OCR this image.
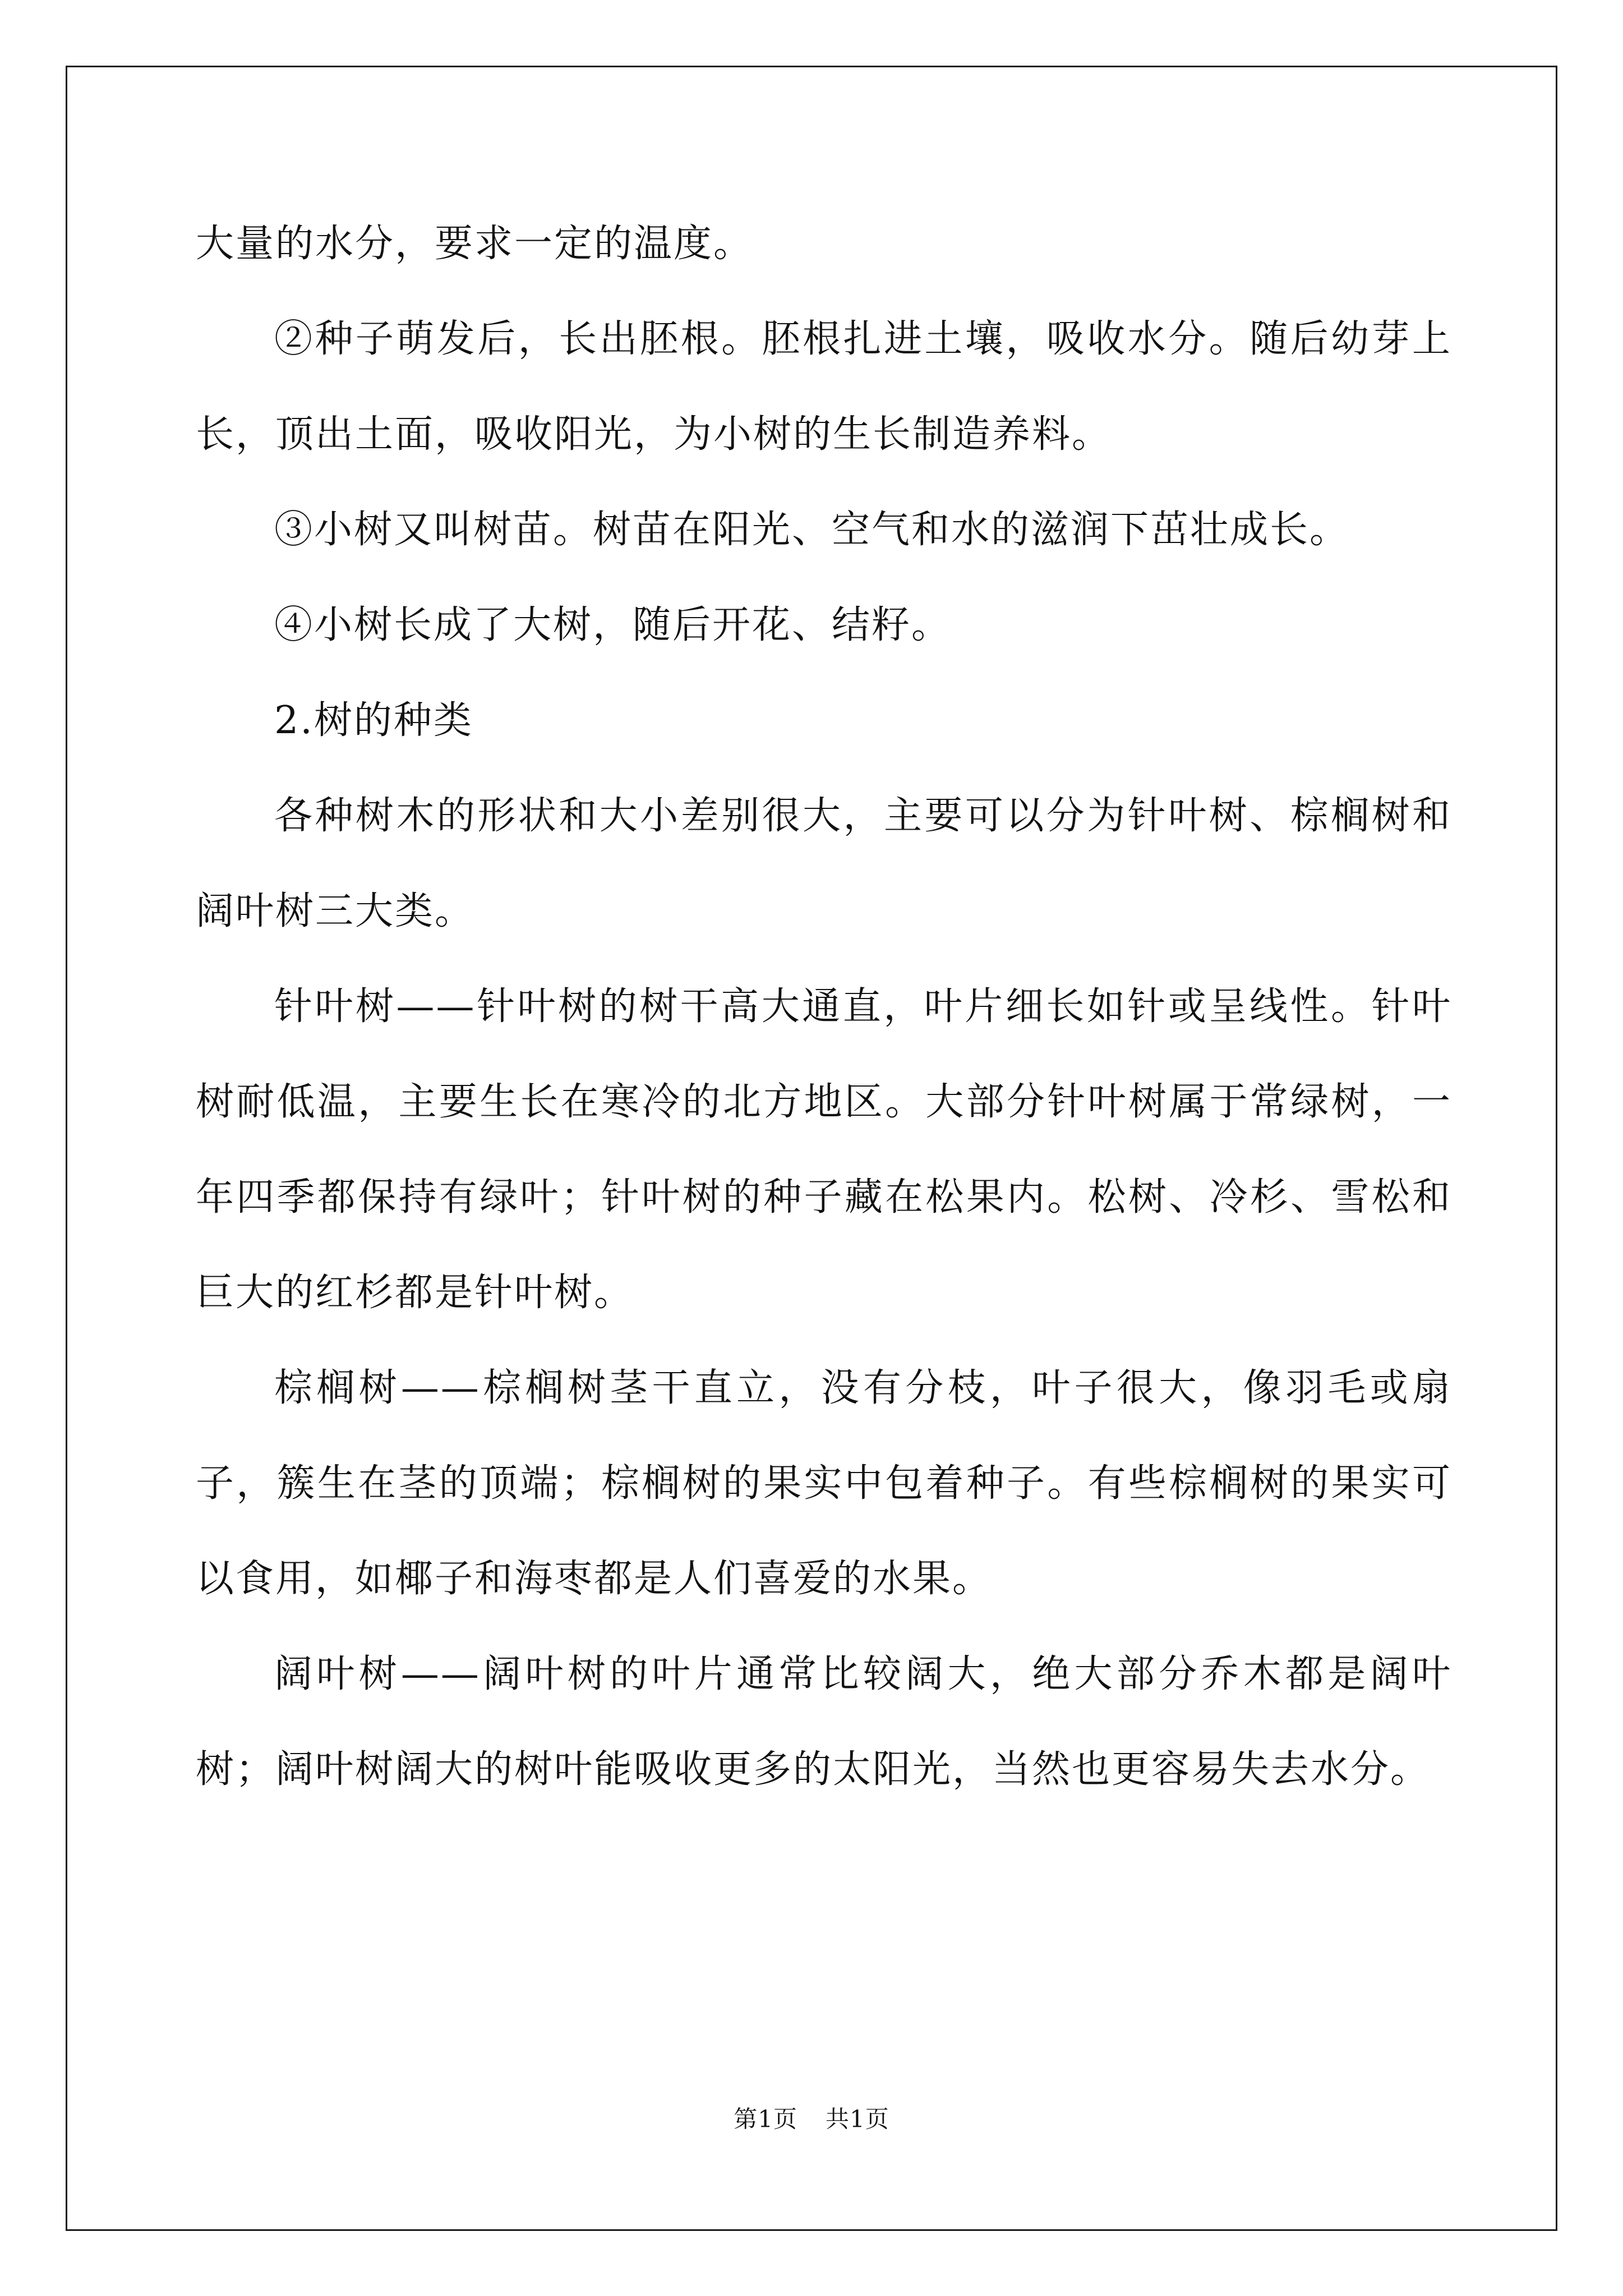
大量的水分，要求一定的温度。

②种子萌发后，长出胚根。胚根扎进土壤，吸收水分。随后幼芽上长，顶出土面，吸收阳光，为小树的生长制造养料。

③小树又叫树苗。树苗在阳光、空气和水的滋润下茁壮成长。

④小树长成了大树，随后开花、结籽。

2.树的种类

各种树木的形状和大小差别很大，主要可以分为针叶树、棕榈树和阔叶树三大类。

针叶树——针叶树的树干高大通直，叶片细长如针或呈线性。针叶树耐低温，主要生长在寒冷的北方地区。大部分针叶树属于常绿树，一年四季都保持有绿叶；针叶树的种子藏在松果内。松树、冷杉、雪松和巨大的红杉都是针叶树。

棕榈树——棕榈树茎干直立，没有分枝，叶子很大，像羽毛或扇子，簇生在茎的顶端；棕榈树的果实中包着种子。有些棕榈树的果实可以食用，如椰子和海枣都是人们喜爱的水果。

阔叶树——阔叶树的叶片通常比较阔大，绝大部分乔木都是阔叶树；阔叶树阔大的树叶能吸收更多的太阳光，当然也更容易失去水分。

第1页 共1页
